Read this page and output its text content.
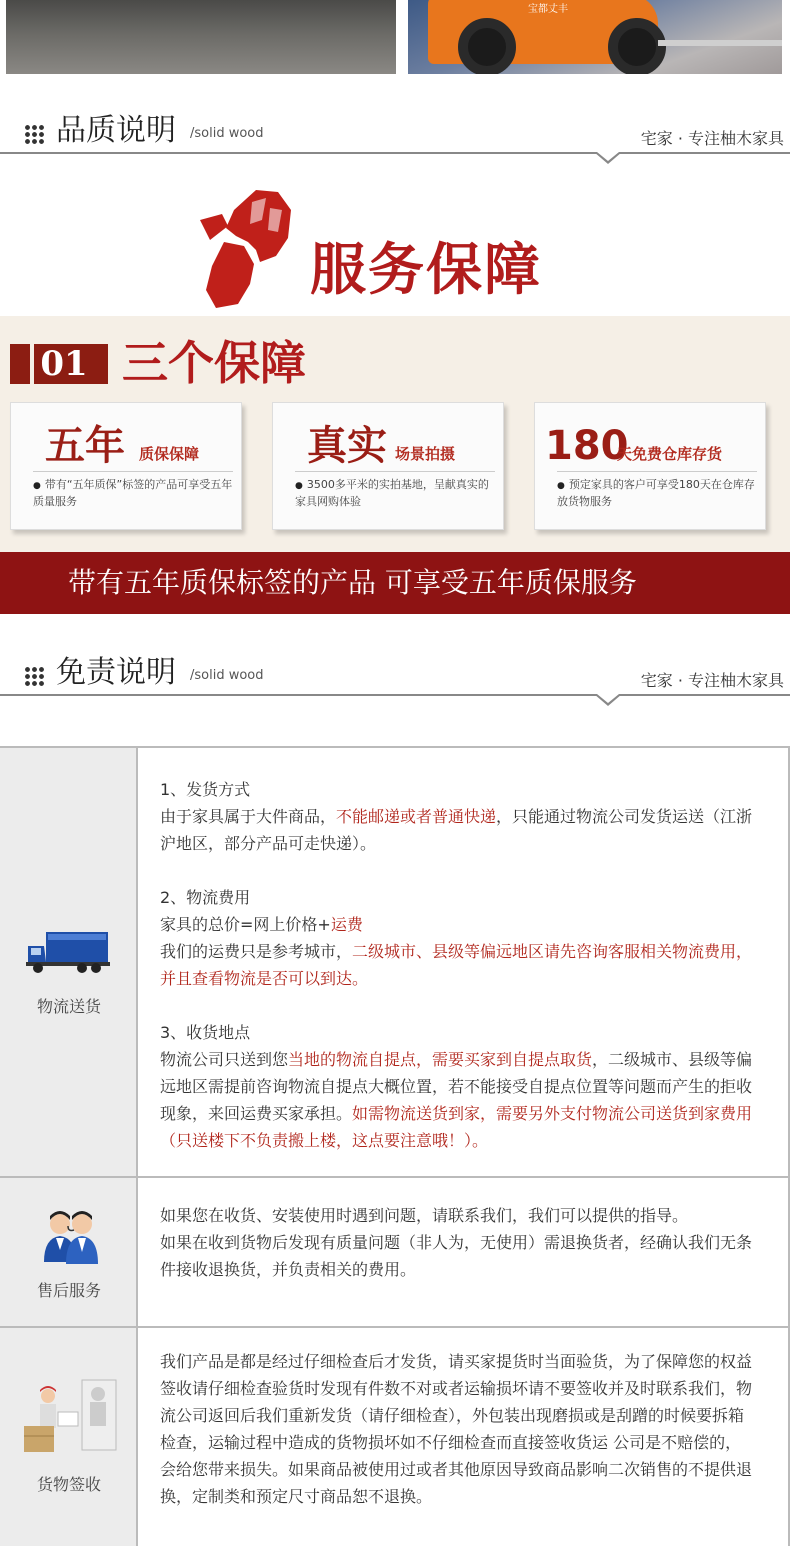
宝都丈丰
品质说明 /solid wood	宅家 · 专注柚木家具
服务保障
01 三个保障
五年 质保保障
● 带有“五年质保”标签的产品可享受五年质量服务
真实 场景拍摄
● 3500多平米的实拍基地，呈献真实的家具网购体验
180
天免费仓库存货
● 预定家具的客户可享受180天在仓库存放货物服务
带有五年质保标签的产品 可享受五年质保服务
免责说明 /solid wood	宅家 · 专注柚木家具
物流送货

1、发货方式

由于家具属于大件商品，不能邮递或者普通快递，只能通过物流公司发货运送（江浙沪地区，部分产品可走快递）。

2、物流费用

家具的总价=网上价格+运费

我们的运费只是参考城市，二级城市、县级等偏远地区请先咨询客服相关物流费用，并且查看物流是否可以到达。

3、收货地点

物流公司只送到您当地的物流自提点，需要买家到自提点取货，二级城市、县级等偏远地区需提前咨询物流自提点大概位置，若不能接受自提点位置等问题而产生的拒收现象，来回运费买家承担。如需物流送货到家，需要另外支付物流公司送货到家费用（只送楼下不负责搬上楼，这点要注意哦！）。

售后服务

如果您在收货、安装使用时遇到问题，请联系我们，我们可以提供的指导。

如果在收到货物后发现有质量问题（非人为，无使用）需退换货者，经确认我们无条件接收退换货，并负责相关的费用。

货物签收

我们产品是都是经过仔细检查后才发货，请买家提货时当面验货，为了保障您的权益签收请仔细检查验货时发现有件数不对或者运输损坏请不要签收并及时联系我们，物流公司返回后我们重新发货（请仔细检查），外包装出现磨损或是刮蹭的时候要拆箱检查，运输过程中造成的货物损坏如不仔细检查而直接签收货运 公司是不赔偿的，会给您带来损失。如果商品被使用过或者其他原因导致商品影响二次销售的不提供退换，定制类和预定尺寸商品恕不退换。
